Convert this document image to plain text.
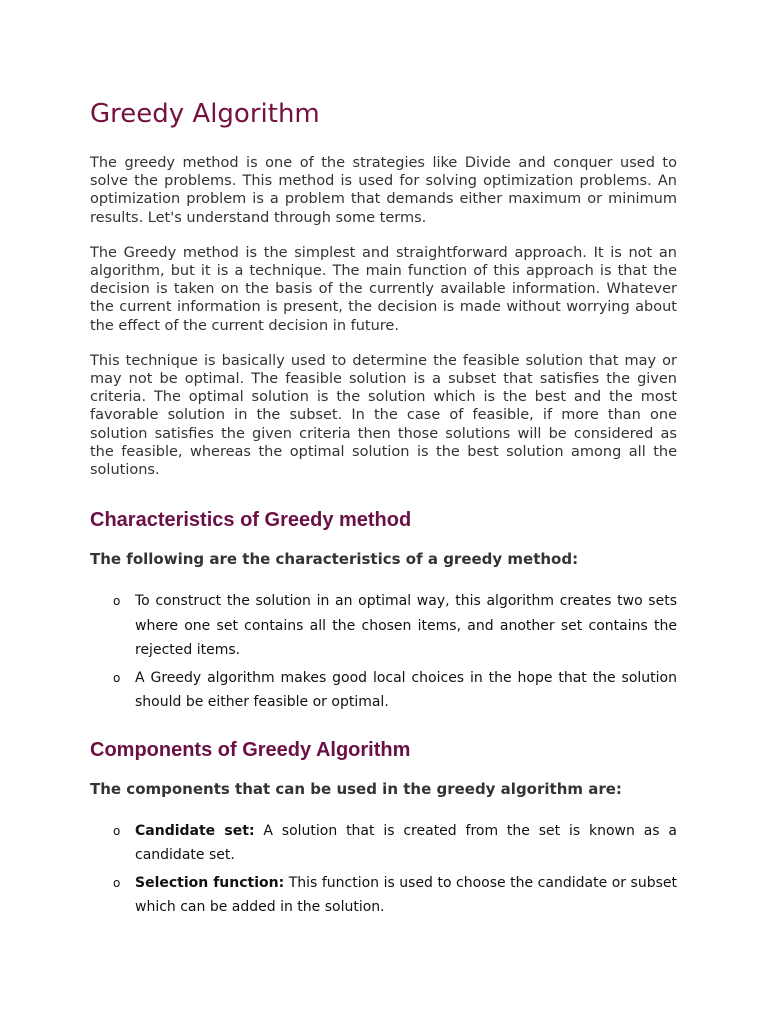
Greedy Algorithm

The greedy method is one of the strategies like Divide and conquer used to solve the problems. This method is used for solving optimization problems. An optimization problem is a problem that demands either maximum or minimum results. Let's understand through some terms.

The Greedy method is the simplest and straightforward approach. It is not an algorithm, but it is a technique. The main function of this approach is that the decision is taken on the basis of the currently available information. Whatever the current information is present, the decision is made without worrying about the effect of the current decision in future.

This technique is basically used to determine the feasible solution that may or may not be optimal. The feasible solution is a subset that satisfies the given criteria. The optimal solution is the solution which is the best and the most favorable solution in the subset. In the case of feasible, if more than one solution satisfies the given criteria then those solutions will be considered as the feasible, whereas the optimal solution is the best solution among all the solutions.

Characteristics of Greedy method
The following are the characteristics of a greedy method:
o To construct the solution in an optimal way, this algorithm creates two sets where one set contains all the chosen items, and another set contains the rejected items.
o A Greedy algorithm makes good local choices in the hope that the solution should be either feasible or optimal.
Components of Greedy Algorithm
The components that can be used in the greedy algorithm are:
o Candidate set: A solution that is created from the set is known as a candidate set.
o Selection function: This function is used to choose the candidate or subset which can be added in the solution.
